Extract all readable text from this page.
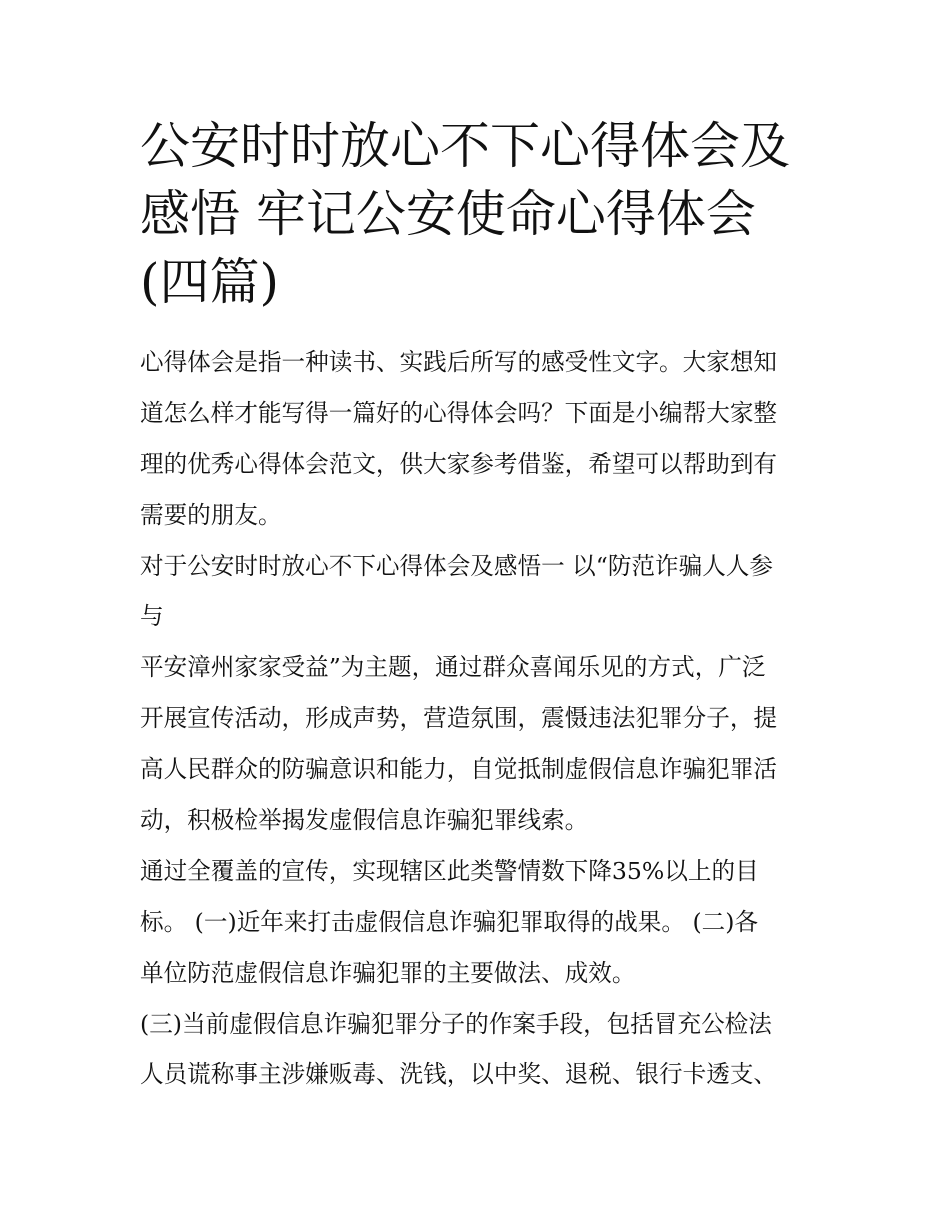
公安时时放心不下心得体会及
感悟 牢记公安使命心得体会
(四篇)
心得体会是指一种读书、实践后所写的感受性文字。大家想知
道怎么样才能写得一篇好的心得体会吗？下面是小编帮大家整
理的优秀心得体会范文，供大家参考借鉴，希望可以帮助到有
需要的朋友。
对于公安时时放心不下心得体会及感悟一 以“防范诈骗人人参
与
平安漳州家家受益”为主题，通过群众喜闻乐见的方式，广泛
开展宣传活动，形成声势，营造氛围，震慑违法犯罪分子，提
高人民群众的防骗意识和能力，自觉抵制虚假信息诈骗犯罪活
动，积极检举揭发虚假信息诈骗犯罪线索。
通过全覆盖的宣传，实现辖区此类警情数下降35%以上的目
标。 (一)近年来打击虚假信息诈骗犯罪取得的战果。 (二)各
单位防范虚假信息诈骗犯罪的主要做法、成效。
(三)当前虚假信息诈骗犯罪分子的作案手段，包括冒充公检法
人员谎称事主涉嫌贩毒、洗钱，以中奖、退税、银行卡透支、
